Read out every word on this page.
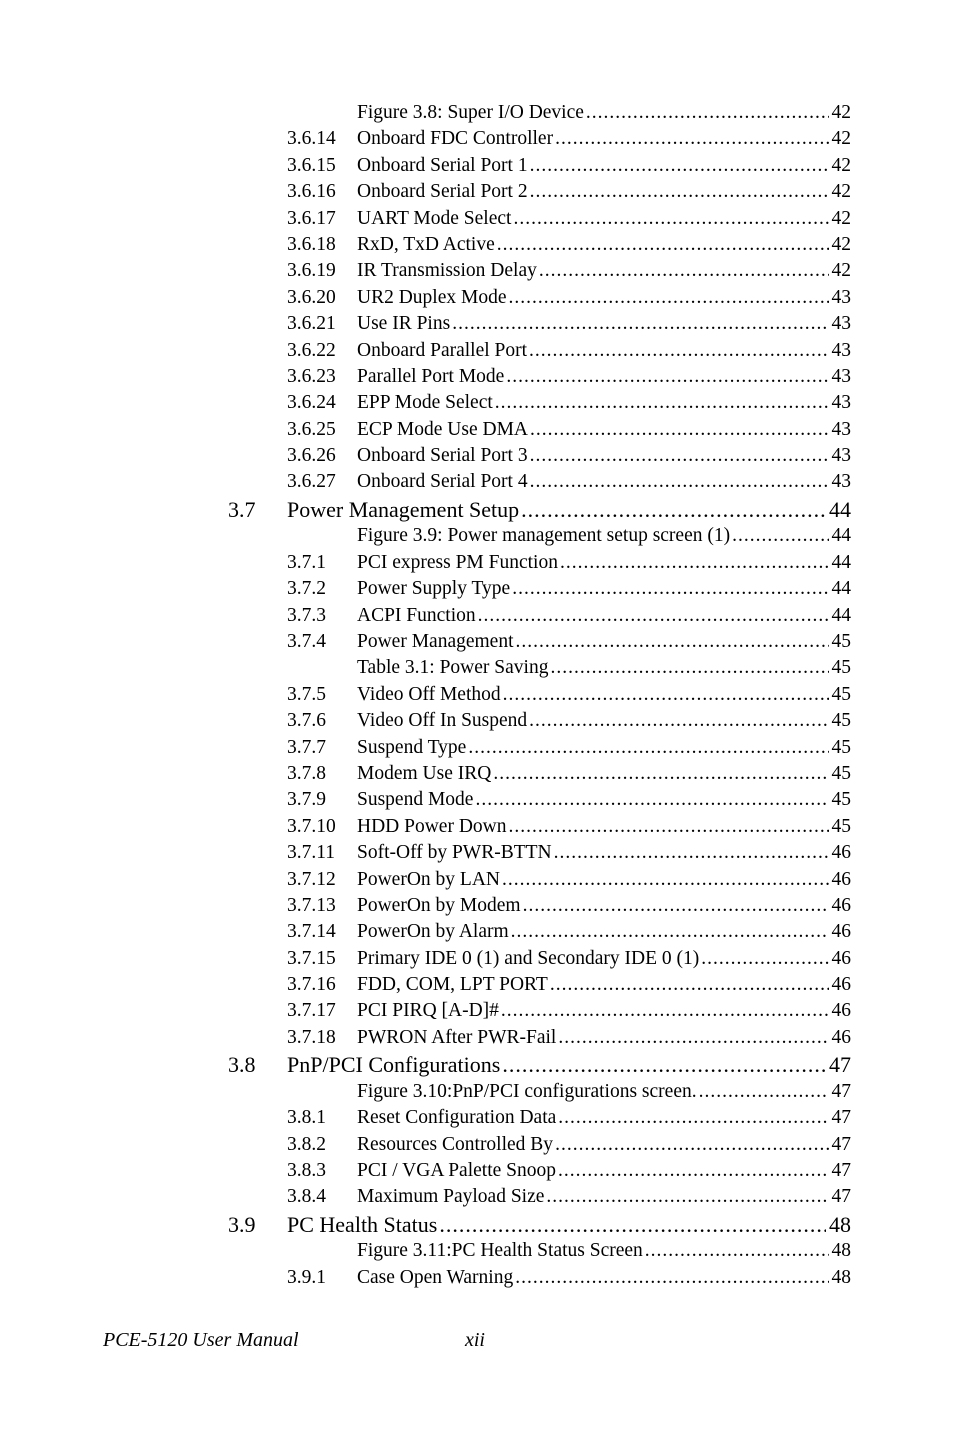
Figure 3.8: Super I/O Device .....	42
3.6.14 Onboard FDC Controller .....	42
3.6.15 Onboard Serial Port 1 .....	42
3.6.16 Onboard Serial Port 2 .....	42
3.6.17 UART Mode Select .....	42
3.6.18 RxD, TxD Active .....	42
3.6.19 IR Transmission Delay .....	42
3.6.20 UR2 Duplex Mode .....	43
3.6.21 Use IR Pins .....	43
3.6.22 Onboard Parallel Port .....	43
3.6.23 Parallel Port Mode .....	43
3.6.24 EPP Mode Select .....	43
3.6.25 ECP Mode Use DMA .....	43
3.6.26 Onboard Serial Port 3 .....	43
3.6.27 Onboard Serial Port 4 .....	43
3.7 Power Management Setup .....	44
Figure 3.9: Power management setup screen (1) .....	44
3.7.1 PCI express PM Function .....	44
3.7.2 Power Supply Type .....	44
3.7.3 ACPI Function .....	44
3.7.4 Power Management .....	45
Table 3.1: Power Saving .....	45
3.7.5 Video Off Method .....	45
3.7.6 Video Off In Suspend .....	45
3.7.7 Suspend Type .....	45
3.7.8 Modem Use IRQ .....	45
3.7.9 Suspend Mode .....	45
3.7.10 HDD Power Down .....	45
3.7.11 Soft-Off by PWR-BTTN .....	46
3.7.12 PowerOn by LAN .....	46
3.7.13 PowerOn by Modem .....	46
3.7.14 PowerOn by Alarm .....	46
3.7.15 Primary IDE 0 (1) and Secondary IDE 0 (1) .....	46
3.7.16 FDD, COM, LPT PORT .....	46
3.7.17 PCI PIRQ [A-D]# .....	46
3.7.18 PWRON After PWR-Fail .....	46
3.8 PnP/PCI Configurations .....	47
Figure 3.10:PnP/PCI configurations screen. .....	47
3.8.1 Reset Configuration Data .....	47
3.8.2 Resources Controlled By .....	47
3.8.3 PCI / VGA Palette Snoop .....	47
3.8.4 Maximum Payload Size .....	47
3.9 PC Health Status .....	48
Figure 3.11:PC Health Status Screen .....	48
3.9.1 Case Open Warning .....	48
PCE-5120 User Manual	xii
